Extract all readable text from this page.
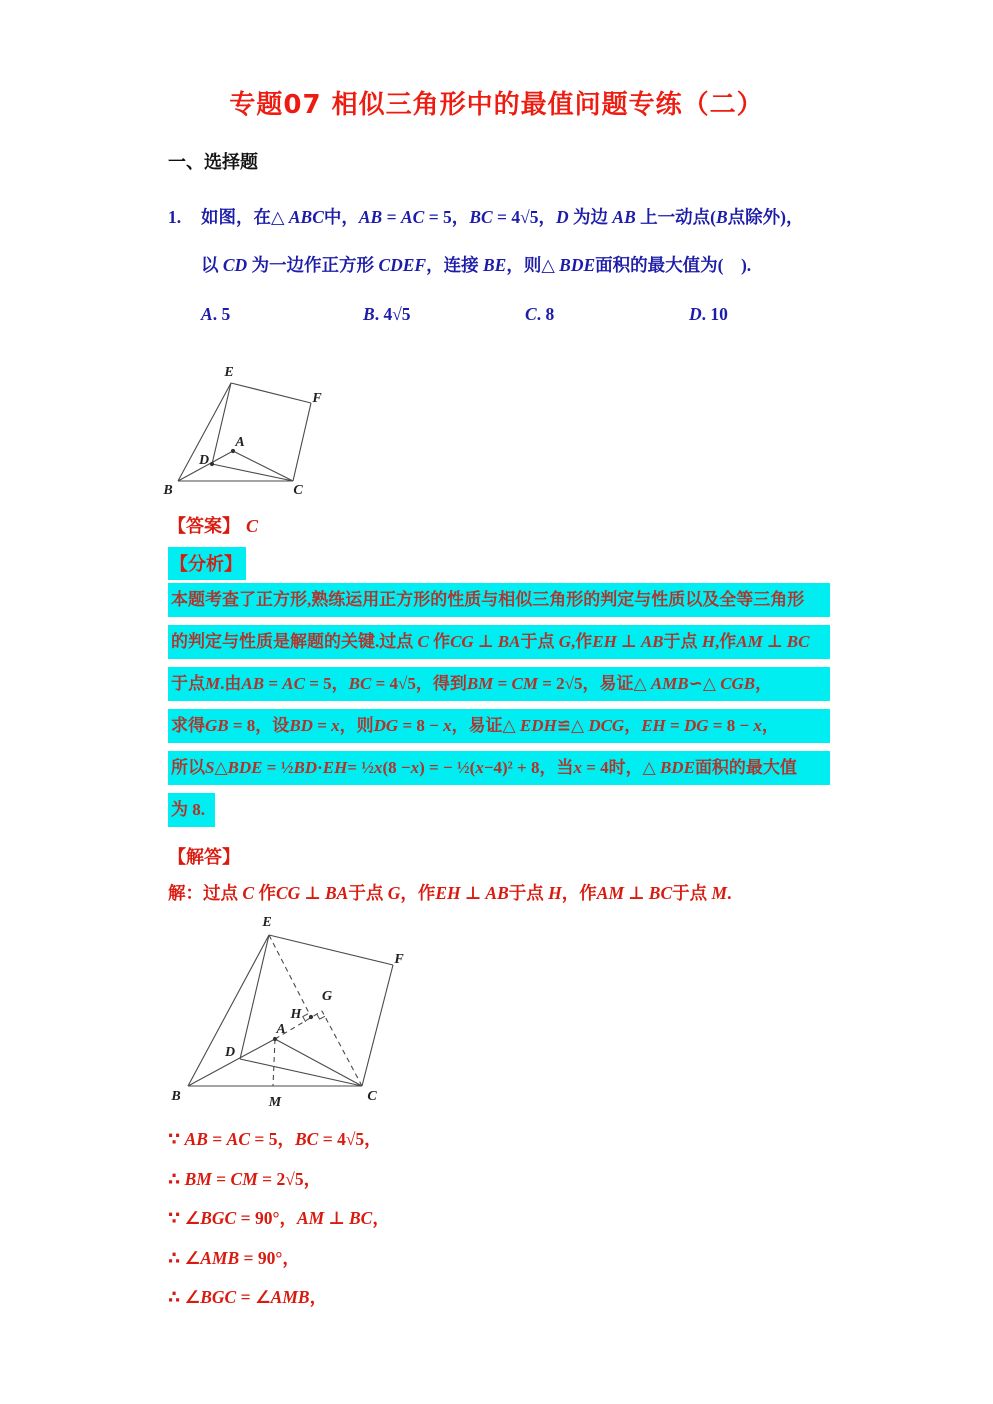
专题07 相似三角形中的最值问题专练（二）
一、选择题
1. 如图，在△ ABC中，AB = AC = 5，BC = 4√5，D 为边 AB 上一动点(B点除外)，
以 CD 为一边作正方形 CDEF，连接 BE，则△ BDE面积的最大值为(　).
A. 5	B. 4√5	C. 8	D. 10
E
F
A
D
B	C
【答案】 C
【分析】
本题考查了正方形,熟练运用正方形的性质与相似三角形的判定与性质以及全等三角形
的判定与性质是解题的关键.过点 C 作CG ⊥ BA于点 G,作EH ⊥ AB于点 H,作AM ⊥ BC
于点M.由AB = AC = 5，BC = 4√5，得到BM = CM = 2√5，易证△ AMB∽△ CGB，
求得GB = 8，设BD = x，则DG = 8 − x，易证△ EDH≌△ DCG，EH = DG = 8 − x，
所以S△BDE = ½BD·EH= ½x(8 −x) = − ½(x−4)² + 8，当x = 4时，△ BDE面积的最大值
为 8.
【解答】
解：过点 C 作CG ⊥ BA于点 G，作EH ⊥ AB于点 H，作AM ⊥ BC于点 M.
E
F
G
H
A
D
B	M	C
∵ AB = AC = 5，BC = 4√5，
∴ BM = CM = 2√5，
∵ ∠BGC = 90°，AM ⊥ BC，
∴ ∠AMB = 90°，
∴ ∠BGC = ∠AMB，
